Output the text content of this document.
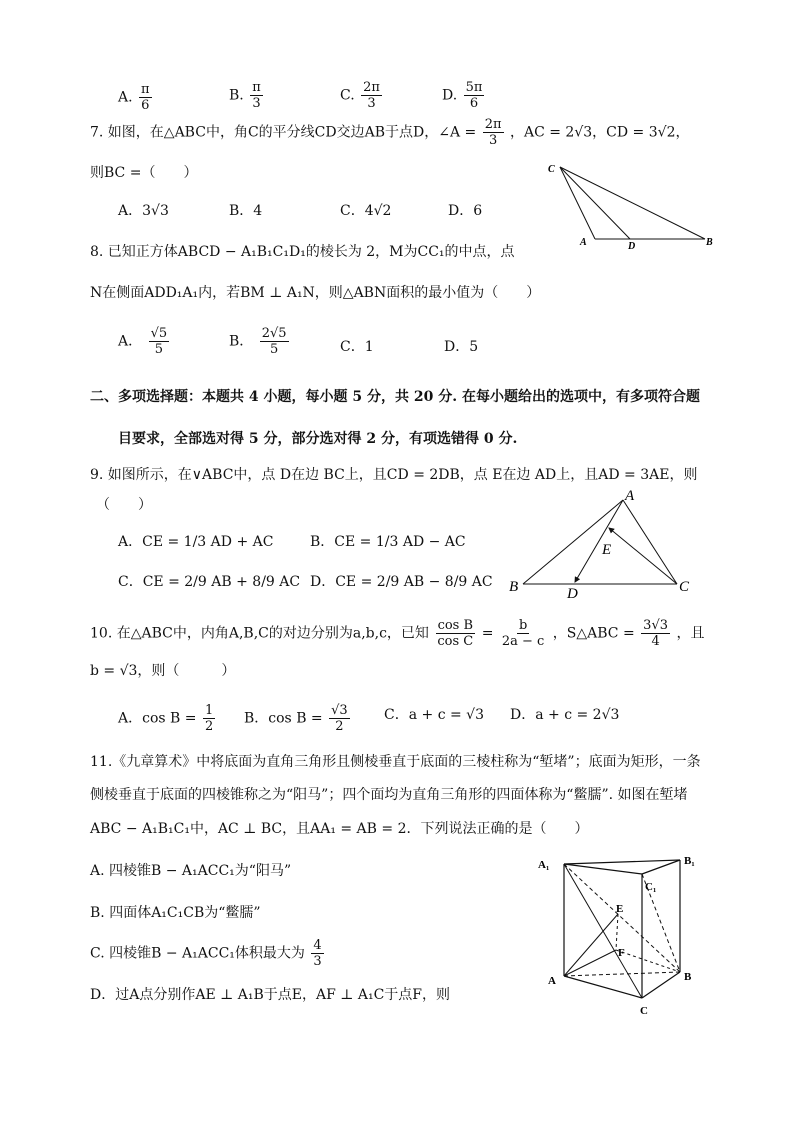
A. $\frac{\pi}{6}$	B. $\frac{\pi}{3}$	C. $\frac{2\pi}{3}$	D. $\frac{5\pi}{6}$
7. 如图，在△ABC中，角C的平分线CD交边AB于点D，∠A = $\frac{2\pi}{3}$ ，AC = 2√3，CD = 3√2，
则BC =（　　）
A．3√3	B．4	C．4√2	D．6
C
A	D	B
8. 已知正方体ABCD − A₁B₁C₁D₁的棱长为 2，M为CC₁的中点，点
N在侧面ADD₁A₁内，若BM ⊥ A₁N，则△ABN面积的最小值为（　　）
A． $\frac{√5}{5}$	B． $\frac{2√5}{5}$	C．1	D．5
二、多项选择题：本题共 4 小题，每小题 5 分，共 20 分. 在每小题给出的选项中，有多项符合题
目要求，全部选对得 5 分，部分选对得 2 分，有项选错得 0 分.
9. 如图所示，在∨ABC中，点 D在边 BC上，且CD = 2DB，点 E在边 AD上，且AD = 3AE，则
（　　）
A．CE = 1/3 AD + AC	B．CE = 1/3 AD − AC
C．CE = 2/9 AB + 8/9 AC D．CE = 2/9 AB − 8/9 AC
A
E
B	D	C
10. 在△ABC中，内角A,B,C的对边分别为a,b,c，已知 $\frac{\text{cos B}}{\text{cos C}} = \frac{b}{2a - c}$ ，S△ABC = $\frac{3√3}{4}$ ，且
b = √3，则（　　　）
A．$\cos B = \frac{1}{2}$ B．$\cos B = \frac{√3}{2}$ C．a + c = √3 D．a + c = 2√3
11.《九章算术》中将底面为直角三角形且侧棱垂直于底面的三棱柱称为“堑堵”；底面为矩形，一条
侧棱垂直于底面的四棱锥称之为“阳马”；四个面均为直角三角形的四面体称为“鳖臑”. 如图在堑堵
ABC − A₁B₁C₁中，AC ⊥ BC，且AA₁ = AB = 2．下列说法正确的是（　　）
A. 四棱锥B − A₁ACC₁为“阳马”
B. 四面体A₁C₁CB为“鳖臑”
C. 四棱锥B − A₁ACC₁体积最大为 $\frac{4}{3}$
D．过A点分别作AE ⊥ A₁B于点E，AF ⊥ A₁C于点F，则
A₁	B₁
C₁
E
F
A	B
C
